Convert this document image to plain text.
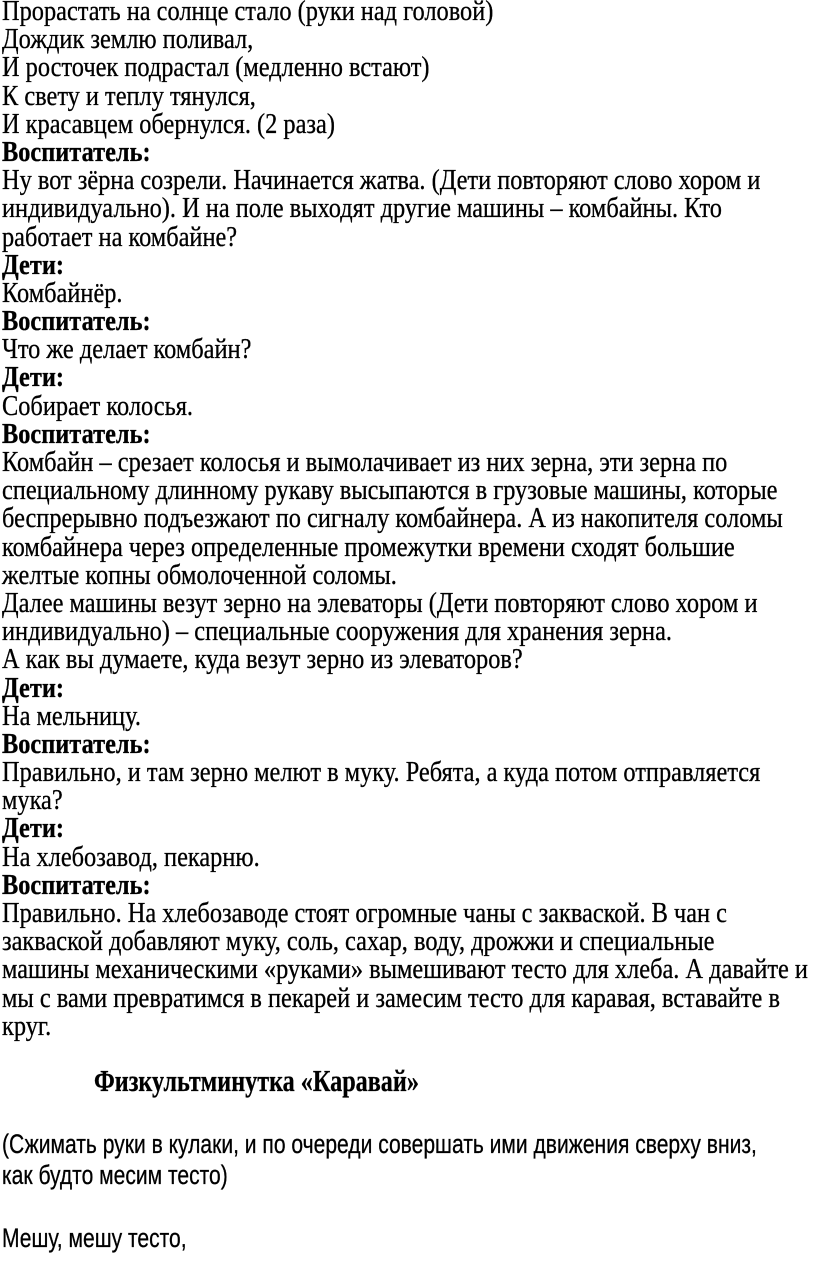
Прорастать на солнце стало (руки над головой)
Дождик землю поливал,
И росточек подрастал (медленно встают)
К свету и теплу тянулся,
И красавцем обернулся. (2 раза)
Воспитатель:
Ну вот зёрна созрели. Начинается жатва. (Дети повторяют слово хором и
индивидуально). И на поле выходят другие машины – комбайны. Кто
работает на комбайне?
Дети:
Комбайнёр.
Воспитатель:
Что же делает комбайн?
Дети:
Собирает колосья.
Воспитатель:
Комбайн – срезает колосья и вымолачивает из них зерна, эти зерна по
специальному длинному рукаву высыпаются в грузовые машины, которые
беспрерывно подъезжают по сигналу комбайнера. А из накопителя соломы
комбайнера через определенные промежутки времени сходят большие
желтые копны обмолоченной соломы.
Далее машины везут зерно на элеваторы (Дети повторяют слово хором и
индивидуально) – специальные сооружения для хранения зерна.
А как вы думаете, куда везут зерно из элеваторов?
Дети:
На мельницу.
Воспитатель:
Правильно, и там зерно мелют в муку. Ребята, а куда потом отправляется
мука?
Дети:
На хлебозавод, пекарню.
Воспитатель:
Правильно. На хлебозаводе стоят огромные чаны с закваской. В чан с
закваской добавляют муку, соль, сахар, воду, дрожжи и специальные
машины механическими «руками» вымешивают тесто для хлеба. А давайте и
мы с вами превратимся в пекарей и замесим тесто для каравая, вставайте в
круг.
Физкультминутка «Каравай»
(Сжимать руки в кулаки, и по очереди совершать ими движения сверху вниз,
как будто месим тесто)
Мешу, мешу тесто,
